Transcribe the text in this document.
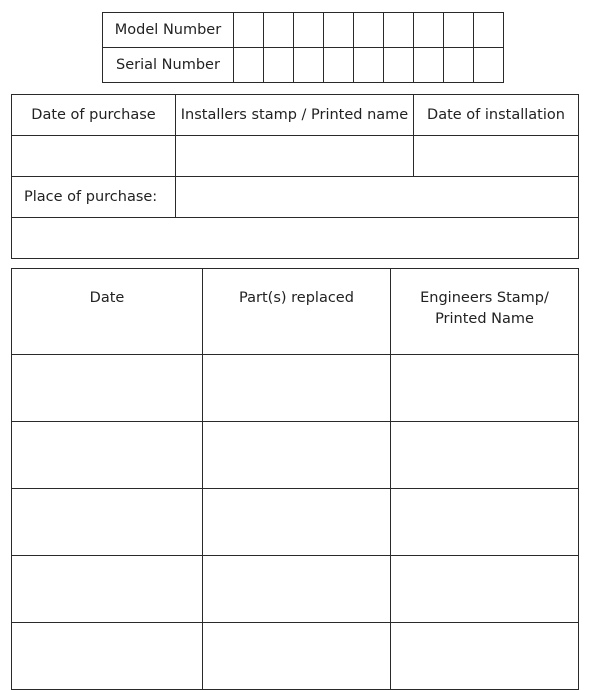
Model Number									
Serial Number									
Date of purchase	Installers stamp / Printed name	Date of installation

Place of purchase:		

Date	Part(s) replaced	Engineers Stamp/
Printed Name
